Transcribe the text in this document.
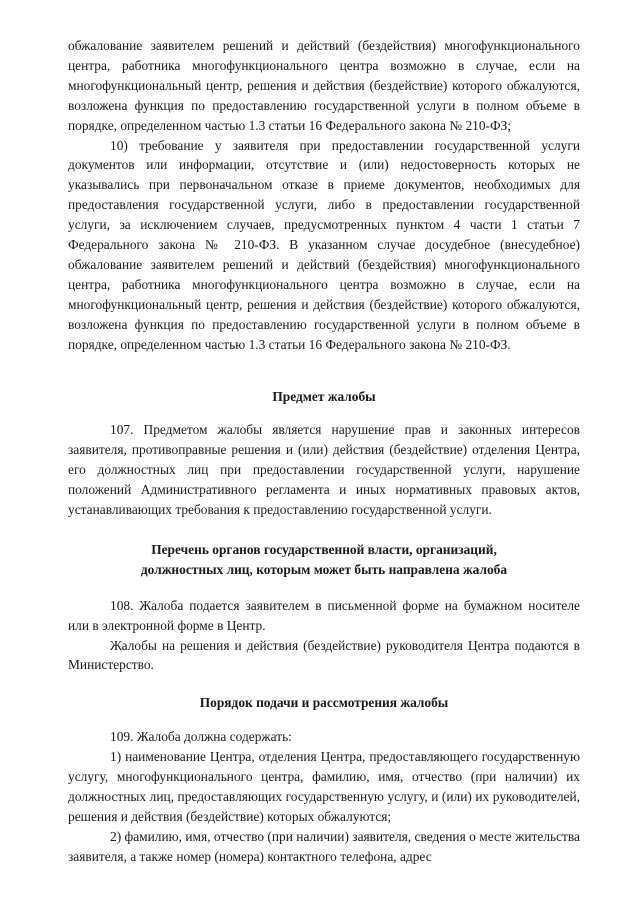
обжалование заявителем решений и действий (бездействия) многофункционального центра, работника многофункционального центра возможно в случае, если на многофункциональный центр, решения и действия (бездействие) которого обжалуются, возложена функция по предоставлению государственной услуги в полном объеме в порядке, определенном частью 1.3 статьи 16 Федерального закона № 210-ФЗ;

10) требование у заявителя при предоставлении государственной услуги документов или информации, отсутствие и (или) недостоверность которых не указывались при первоначальном отказе в приеме документов, необходимых для предоставления государственной услуги, либо в предоставлении государственной услуги, за исключением случаев, предусмотренных пунктом 4 части 1 статьи 7 Федерального закона № 210-ФЗ. В указанном случае досудебное (внесудебное) обжалование заявителем решений и действий (бездействия) многофункционального центра, работника многофункционального центра возможно в случае, если на многофункциональный центр, решения и действия (бездействие) которого обжалуются, возложена функция по предоставлению государственной услуги в полном объеме в порядке, определенном частью 1.3 статьи 16 Федерального закона № 210-ФЗ.

Предмет жалобы

107. Предметом жалобы является нарушение прав и законных интересов заявителя, противоправные решения и (или) действия (бездействие) отделения Центра, его должностных лиц при предоставлении государственной услуги, нарушение положений Административного регламента и иных нормативных правовых актов, устанавливающих требования к предоставлению государственной услуги.

Перечень органов государственной власти, организаций,

должностных лиц, которым может быть направлена жалоба

108. Жалоба подается заявителем в письменной форме на бумажном носителе или в электронной форме в Центр.

Жалобы на решения и действия (бездействие) руководителя Центра подаются в Министерство.

Порядок подачи и рассмотрения жалобы

109. Жалоба должна содержать:

1) наименование Центра, отделения Центра, предоставляющего государственную услугу, многофункционального центра, фамилию, имя, отчество (при наличии) их должностных лиц, предоставляющих государственную услугу, и (или) их руководителей, решения и действия (бездействие) которых обжалуются;

2) фамилию, имя, отчество (при наличии) заявителя, сведения о месте жительства заявителя, а также номер (номера) контактного телефона, адрес
